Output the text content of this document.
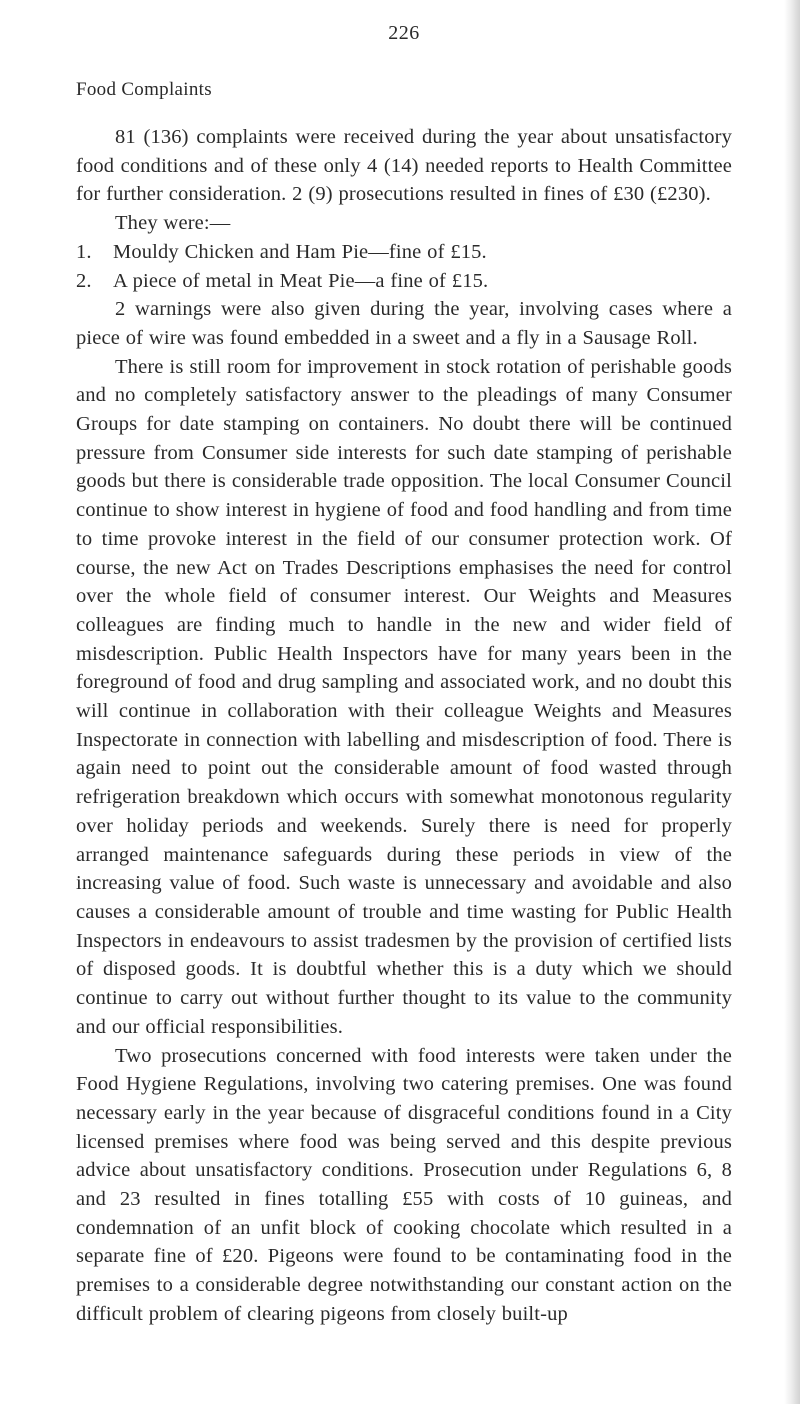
226
Food Complaints

81 (136) complaints were received during the year about unsatisfactory food conditions and of these only 4 (14) needed reports to Health Committee for further consideration. 2 (9) prosecutions resulted in fines of £30 (£230).

They were:—

1. Mouldy Chicken and Ham Pie—fine of £15.
2. A piece of metal in Meat Pie—a fine of £15.

2 warnings were also given during the year, involving cases where a piece of wire was found embedded in a sweet and a fly in a Sausage Roll.

There is still room for improvement in stock rotation of perishable goods and no completely satisfactory answer to the pleadings of many Consumer Groups for date stamping on containers. No doubt there will be continued pressure from Consumer side interests for such date stamping of perishable goods but there is considerable trade opposition. The local Consumer Council continue to show interest in hygiene of food and food handling and from time to time provoke interest in the field of our consumer protection work. Of course, the new Act on Trades Descriptions emphasises the need for control over the whole field of consumer interest. Our Weights and Measures colleagues are finding much to handle in the new and wider field of misdescription. Public Health Inspectors have for many years been in the foreground of food and drug sampling and associated work, and no doubt this will continue in collaboration with their colleague Weights and Measures Inspectorate in connection with labelling and misdescription of food. There is again need to point out the considerable amount of food wasted through refrigeration breakdown which occurs with somewhat monotonous regularity over holiday periods and weekends. Surely there is need for properly arranged maintenance safeguards during these periods in view of the increasing value of food. Such waste is unnecessary and avoidable and also causes a considerable amount of trouble and time wasting for Public Health Inspectors in endeavours to assist tradesmen by the provision of certified lists of disposed goods. It is doubtful whether this is a duty which we should continue to carry out without further thought to its value to the community and our official responsibilities.

Two prosecutions concerned with food interests were taken under the Food Hygiene Regulations, involving two catering premises. One was found necessary early in the year because of disgraceful conditions found in a City licensed premises where food was being served and this despite previous advice about unsatisfactory conditions. Prosecution under Regulations 6, 8 and 23 resulted in fines totalling £55 with costs of 10 guineas, and condemnation of an unfit block of cooking chocolate which resulted in a separate fine of £20. Pigeons were found to be contaminating food in the premises to a considerable degree notwithstanding our constant action on the difficult problem of clearing pigeons from closely built-up
